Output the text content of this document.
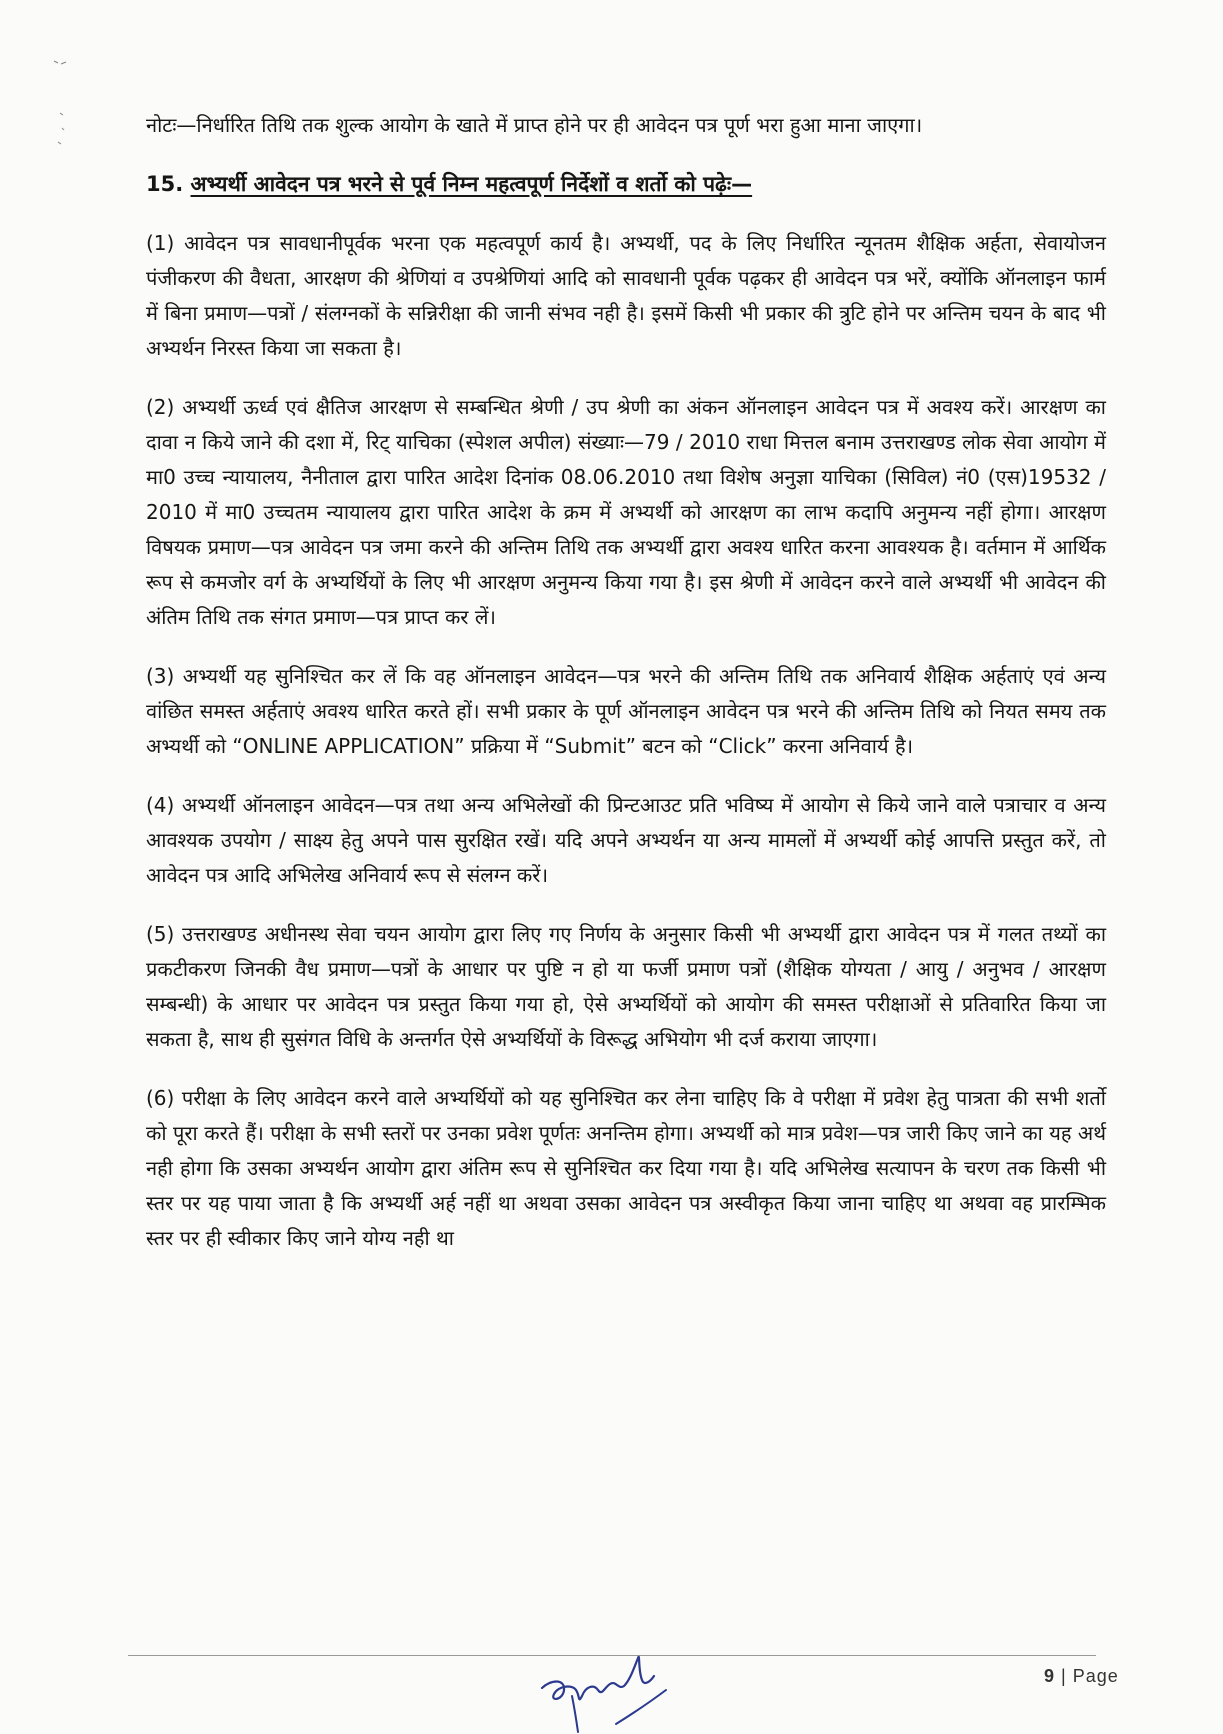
नोटः—निर्धारित तिथि तक शुल्क आयोग के खाते में प्राप्त होने पर ही आवेदन पत्र पूर्ण भरा हुआ माना जाएगा।

15. अभ्यर्थी आवेदन पत्र भरने से पूर्व निम्न महत्वपूर्ण निर्देशों व शर्तो को पढ़ेः—

(1) आवेदन पत्र सावधानीपूर्वक भरना एक महत्वपूर्ण कार्य है। अभ्यर्थी, पद के लिए निर्धारित न्यूनतम शैक्षिक अर्हता, सेवायोजन पंजीकरण की वैधता, आरक्षण की श्रेणियां व उपश्रेणियां आदि को सावधानी पूर्वक पढ़कर ही आवेदन पत्र भरें, क्योंकि ऑनलाइन फार्म में बिना प्रमाण—पत्रों / संलग्नकों के सन्निरीक्षा की जानी संभव नही है। इसमें किसी भी प्रकार की त्रुटि होने पर अन्तिम चयन के बाद भी अभ्यर्थन निरस्त किया जा सकता है।

(2) अभ्यर्थी ऊर्ध्व एवं क्षैतिज आरक्षण से सम्बन्धित श्रेणी / उप श्रेणी का अंकन ऑनलाइन आवेदन पत्र में अवश्य करें। आरक्षण का दावा न किये जाने की दशा में, रिट् याचिका (स्पेशल अपील) संख्याः—79 / 2010 राधा मित्तल बनाम उत्तराखण्ड लोक सेवा आयोग में मा0 उच्च न्यायालय, नैनीताल द्वारा पारित आदेश दिनांक 08.06.2010 तथा विशेष अनुज्ञा याचिका (सिविल) नं0 (एस)19532 / 2010 में मा0 उच्चतम न्यायालय द्वारा पारित आदेश के क्रम में अभ्यर्थी को आरक्षण का लाभ कदापि अनुमन्य नहीं होगा। आरक्षण विषयक प्रमाण—पत्र आवेदन पत्र जमा करने की अन्तिम तिथि तक अभ्यर्थी द्वारा अवश्य धारित करना आवश्यक है। वर्तमान में आर्थिक रूप से कमजोर वर्ग के अभ्यर्थियों के लिए भी आरक्षण अनुमन्य किया गया है। इस श्रेणी में आवेदन करने वाले अभ्यर्थी भी आवेदन की अंतिम तिथि तक संगत प्रमाण—पत्र प्राप्त कर लें।

(3) अभ्यर्थी यह सुनिश्चित कर लें कि वह ऑनलाइन आवेदन—पत्र भरने की अन्तिम तिथि तक अनिवार्य शैक्षिक अर्हताएं एवं अन्य वांछित समस्त अर्हताएं अवश्य धारित करते हों। सभी प्रकार के पूर्ण ऑनलाइन आवेदन पत्र भरने की अन्तिम तिथि को नियत समय तक अभ्यर्थी को “ONLINE APPLICATION” प्रक्रिया में “Submit” बटन को “Click” करना अनिवार्य है।

(4) अभ्यर्थी ऑनलाइन आवेदन—पत्र तथा अन्य अभिलेखों की प्रिन्टआउट प्रति भविष्य में आयोग से किये जाने वाले पत्राचार व अन्य आवश्यक उपयोग / साक्ष्य हेतु अपने पास सुरक्षित रखें। यदि अपने अभ्यर्थन या अन्य मामलों में अभ्यर्थी कोई आपत्ति प्रस्तुत करें, तो आवेदन पत्र आदि अभिलेख अनिवार्य रूप से संलग्न करें।

(5) उत्तराखण्ड अधीनस्थ सेवा चयन आयोग द्वारा लिए गए निर्णय के अनुसार किसी भी अभ्यर्थी द्वारा आवेदन पत्र में गलत तथ्यों का प्रकटीकरण जिनकी वैध प्रमाण—पत्रों के आधार पर पुष्टि न हो या फर्जी प्रमाण पत्रों (शैक्षिक योग्यता / आयु / अनुभव / आरक्षण सम्बन्धी) के आधार पर आवेदन पत्र प्रस्तुत किया गया हो, ऐसे अभ्यर्थियों को आयोग की समस्त परीक्षाओं से प्रतिवारित किया जा सकता है, साथ ही सुसंगत विधि के अन्तर्गत ऐसे अभ्यर्थियों के विरूद्ध अभियोग भी दर्ज कराया जाएगा।

(6) परीक्षा के लिए आवेदन करने वाले अभ्यर्थियों को यह सुनिश्चित कर लेना चाहिए कि वे परीक्षा में प्रवेश हेतु पात्रता की सभी शर्तो को पूरा करते हैं। परीक्षा के सभी स्तरों पर उनका प्रवेश पूर्णतः अनन्तिम होगा। अभ्यर्थी को मात्र प्रवेश—पत्र जारी किए जाने का यह अर्थ नही होगा कि उसका अभ्यर्थन आयोग द्वारा अंतिम रूप से सुनिश्चित कर दिया गया है। यदि अभिलेख सत्यापन के चरण तक किसी भी स्तर पर यह पाया जाता है कि अभ्यर्थी अर्ह नहीं था अथवा उसका आवेदन पत्र अस्वीकृत किया जाना चाहिए था अथवा वह प्रारम्भिक स्तर पर ही स्वीकार किए जाने योग्य नही था

9 | Page
